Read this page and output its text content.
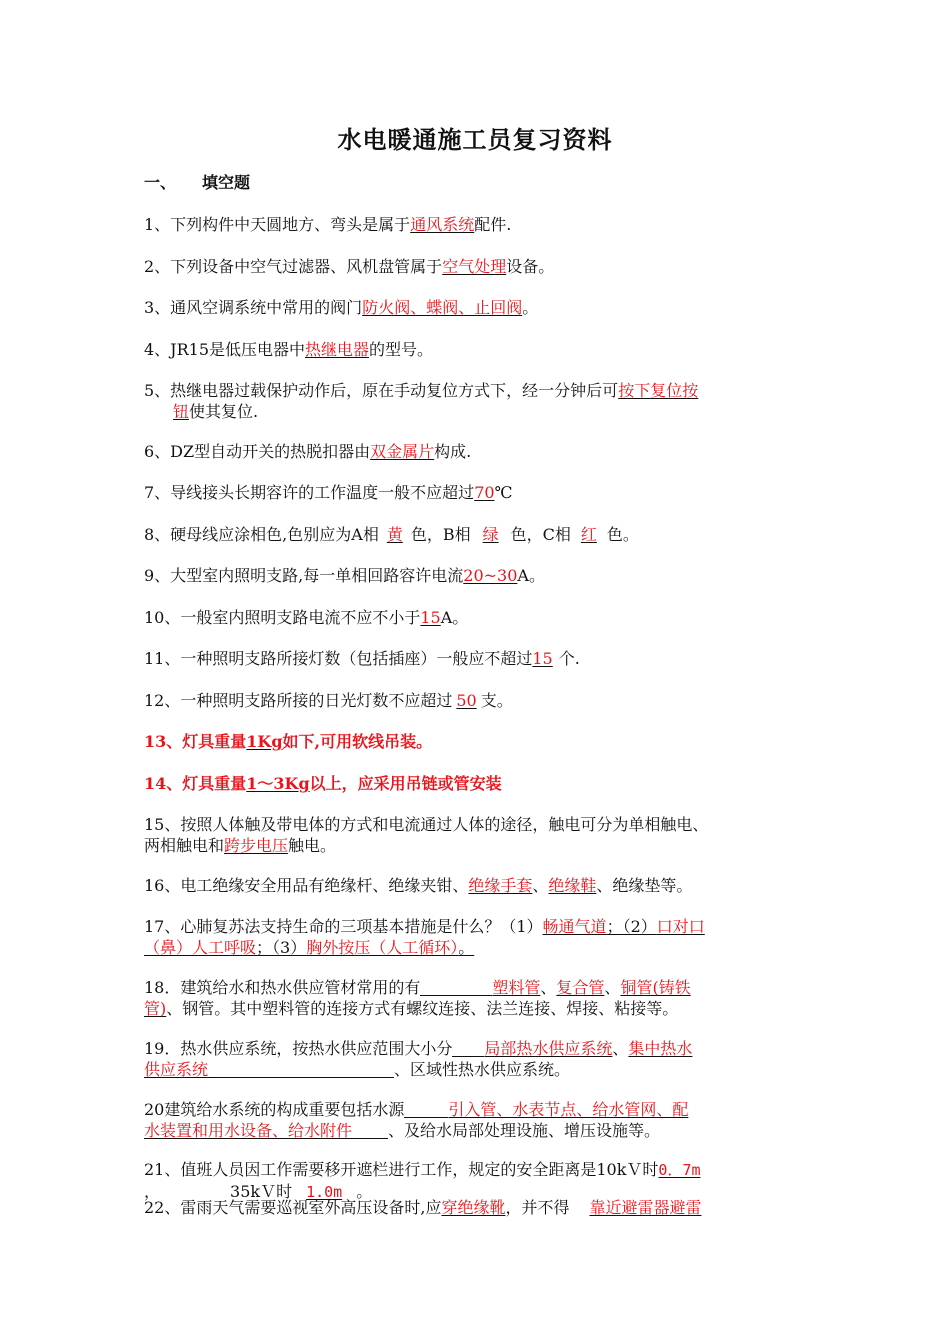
水电暖通施工员复习资料
一、 填空题
1、下列构件中天圆地方、弯头是属于通风系统配件.
2、下列设备中空气过滤器、风机盘管属于空气处理设备。
3、通风空调系统中常用的阀门防火阀、蝶阀、止回阀。
4、JR15是低压电器中热继电器的型号。
5、热继电器过载保护动作后，原在手动复位方式下，经一分钟后可按下复位按
钮使其复位.
6、DZ型自动开关的热脱扣器由双金属片构成.
7、导线接头长期容许的工作温度一般不应超过70℃
8、硬母线应涂相色,色别应为A相 黄 色，B相 绿 色，C相 红 色。
9、大型室内照明支路,每一单相回路容许电流20~30A。
10、一般室内照明支路电流不应不小于15A。
11、一种照明支路所接灯数（包括插座）一般应不超过15 个.
12、一种照明支路所接的日光灯数不应超过 50 支。
13、灯具重量1Kg如下,可用软线吊装。
14、灯具重量1～3Kg以上，应采用吊链或管安装
15、按照人体触及带电体的方式和电流通过人体的途径，触电可分为单相触电、
两相触电和跨步电压触电。
16、电工绝缘安全用品有绝缘杆、绝缘夹钳、绝缘手套、绝缘鞋、绝缘垫等。
17、心肺复苏法支持生命的三项基本措施是什么？（1）畅通气道；（2）口对口
（鼻）人工呼吸；（3）胸外按压（人工循环）。
18．建筑给水和热水供应管材常用的有	塑料管、复合管、铜管(铸铁
管)、钢管。其中塑料管的连接方式有螺纹连接、法兰连接、焊接、粘接等。
19．热水供应系统，按热水供应范围大小分 局部热水供应系统、集中热水
供应系统	、区域性热水供应系统。
20建筑给水系统的构成重要包括水源	引入管、水表节点、给水管网、配
水装置和用水设备、给水附件 、及给水局部处理设施、增压设施等。
21、值班人员因工作需要移开遮栏进行工作，规定的安全距离是10kＶ时0．7m
，	35kＶ时 1.0m 。
22、雷雨天气需要巡视室外高压设备时,应穿绝缘靴，并不得 靠近避雷器避雷
